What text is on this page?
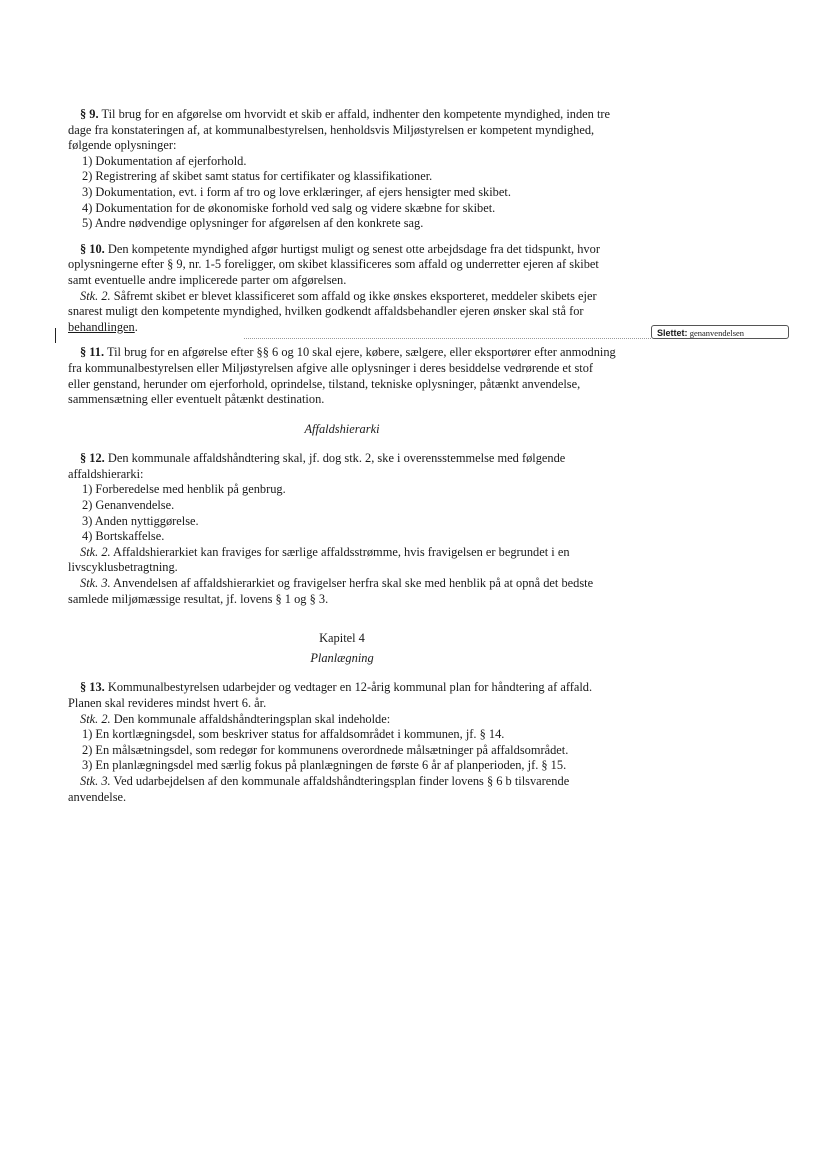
Slettet: genanvendelsen

§ 9. Til brug for en afgørelse om hvorvidt et skib er affald, indhenter den kompetente myndighed, inden tre dage fra konstateringen af, at kommunalbestyrelsen, henholdsvis Miljøstyrelsen er kompetent myndighed, følgende oplysninger:

1) Dokumentation af ejerforhold.

2) Registrering af skibet samt status for certifikater og klassifikationer.

3) Dokumentation, evt. i form af tro og love erklæringer, af ejers hensigter med skibet.

4) Dokumentation for de økonomiske forhold ved salg og videre skæbne for skibet.

5) Andre nødvendige oplysninger for afgørelsen af den konkrete sag.

§ 10. Den kompetente myndighed afgør hurtigst muligt og senest otte arbejdsdage fra det tidspunkt, hvor oplysningerne efter § 9, nr. 1-5 foreligger, om skibet klassificeres som affald og underretter ejeren af skibet samt eventuelle andre implicerede parter om afgørelsen.

Stk. 2. Såfremt skibet er blevet klassificeret som affald og ikke ønskes eksporteret, meddeler skibets ejer snarest muligt den kompetente myndighed, hvilken godkendt affaldsbehandler ejeren ønsker skal stå for behandlingen.

§ 11. Til brug for en afgørelse efter §§ 6 og 10 skal ejere, købere, sælgere, eller eksportører efter anmodning fra kommunalbestyrelsen eller Miljøstyrelsen afgive alle oplysninger i deres besiddelse vedrørende et stof eller genstand, herunder om ejerforhold, oprindelse, tilstand, tekniske oplysninger, påtænkt anvendelse, sammensætning eller eventuelt påtænkt destination.

Affaldshierarki

§ 12. Den kommunale affaldshåndtering skal, jf. dog stk. 2, ske i overensstemmelse med følgende affaldshierarki:

1) Forberedelse med henblik på genbrug.

2) Genanvendelse.

3) Anden nyttiggørelse.

4) Bortskaffelse.

Stk. 2. Affaldshierarkiet kan fraviges for særlige affaldsstrømme, hvis fravigelsen er begrundet i en livscyklusbetragtning.

Stk. 3. Anvendelsen af affaldshierarkiet og fravigelser herfra skal ske med henblik på at opnå det bedste samlede miljømæssige resultat, jf. lovens § 1 og § 3.

Kapitel 4

Planlægning

§ 13. Kommunalbestyrelsen udarbejder og vedtager en 12-årig kommunal plan for håndtering af affald. Planen skal revideres mindst hvert 6. år.

Stk. 2. Den kommunale affaldshåndteringsplan skal indeholde:

1) En kortlægningsdel, som beskriver status for affaldsområdet i kommunen, jf. § 14.

2) En målsætningsdel, som redegør for kommunens overordnede målsætninger på affaldsområdet.

3) En planlægningsdel med særlig fokus på planlægningen de første 6 år af planperioden, jf. § 15.

Stk. 3. Ved udarbejdelsen af den kommunale affaldshåndteringsplan finder lovens § 6 b tilsvarende anvendelse.
